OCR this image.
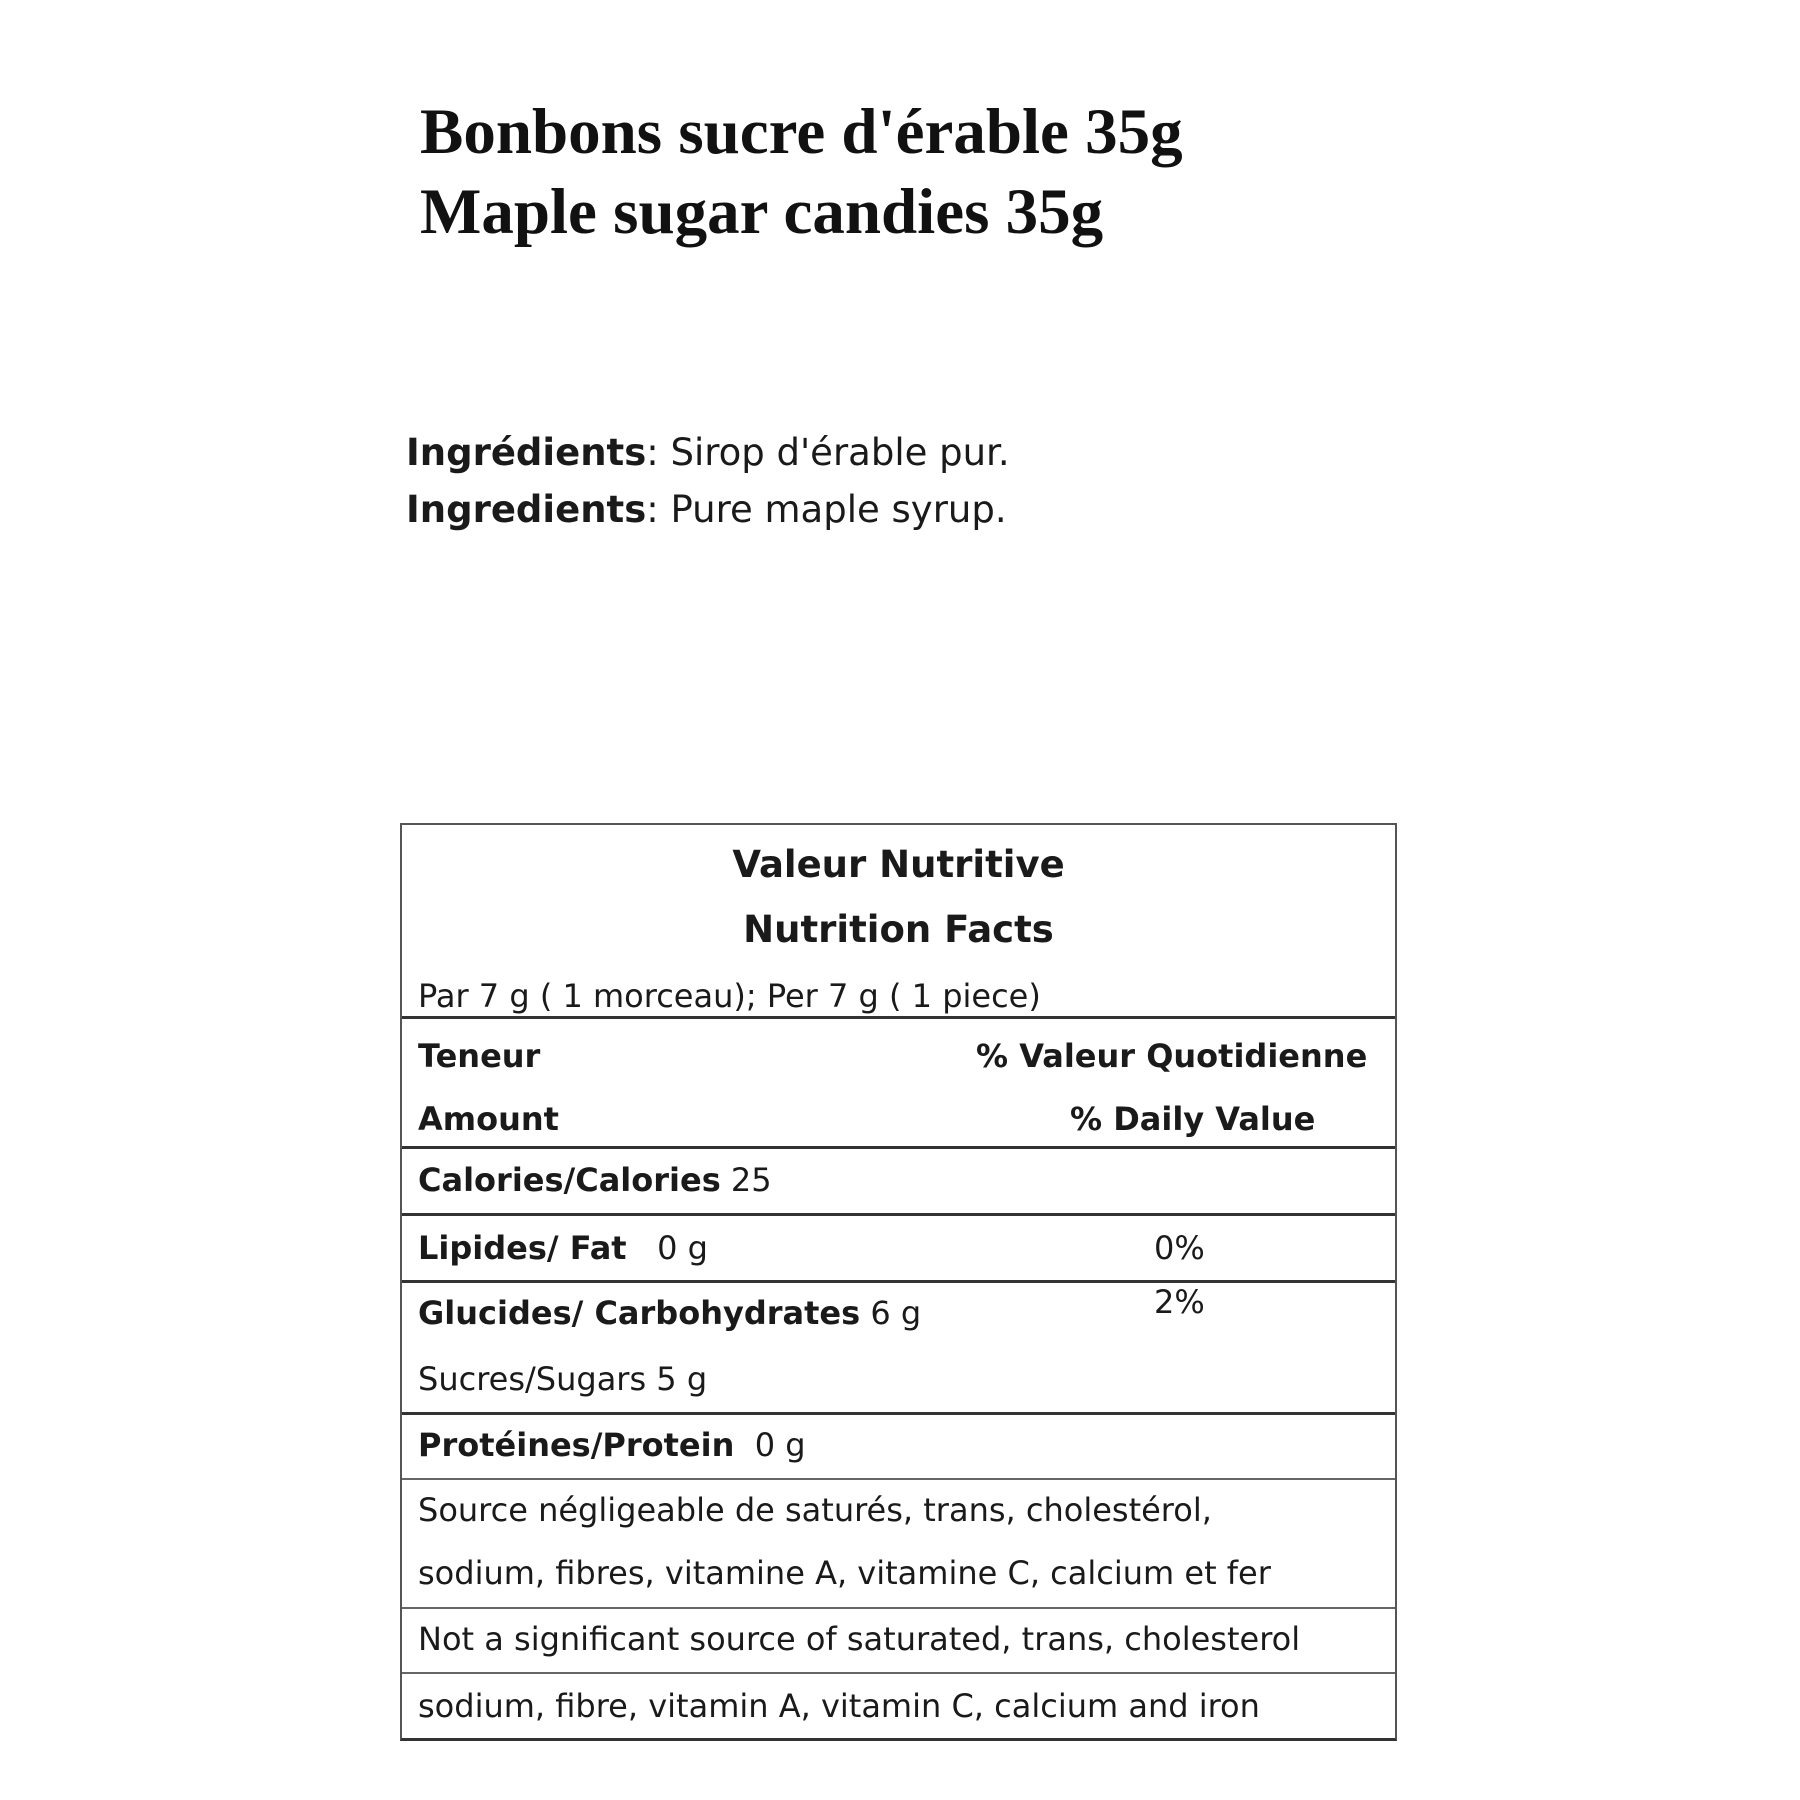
Bonbons sucre d'érable 35g
Maple sugar candies 35g
Ingrédients: Sirop d'érable pur.
Ingredients: Pure maple syrup.
Valeur Nutritive
Nutrition Facts
Par 7 g ( 1 morceau); Per 7 g ( 1 piece)
Teneur	% Valeur Quotidienne
Amount	% Daily Value
Calories/Calories 25
Lipides/ Fat 0 g	0%
Glucides/ Carbohydrates 6 g	2%
Sucres/Sugars 5 g
Protéines/Protein 0 g
Source négligeable de saturés, trans, cholestérol,
sodium, fibres, vitamine A, vitamine C, calcium et fer
Not a significant source of saturated, trans, cholesterol
sodium, fibre, vitamin A, vitamin C, calcium and iron
